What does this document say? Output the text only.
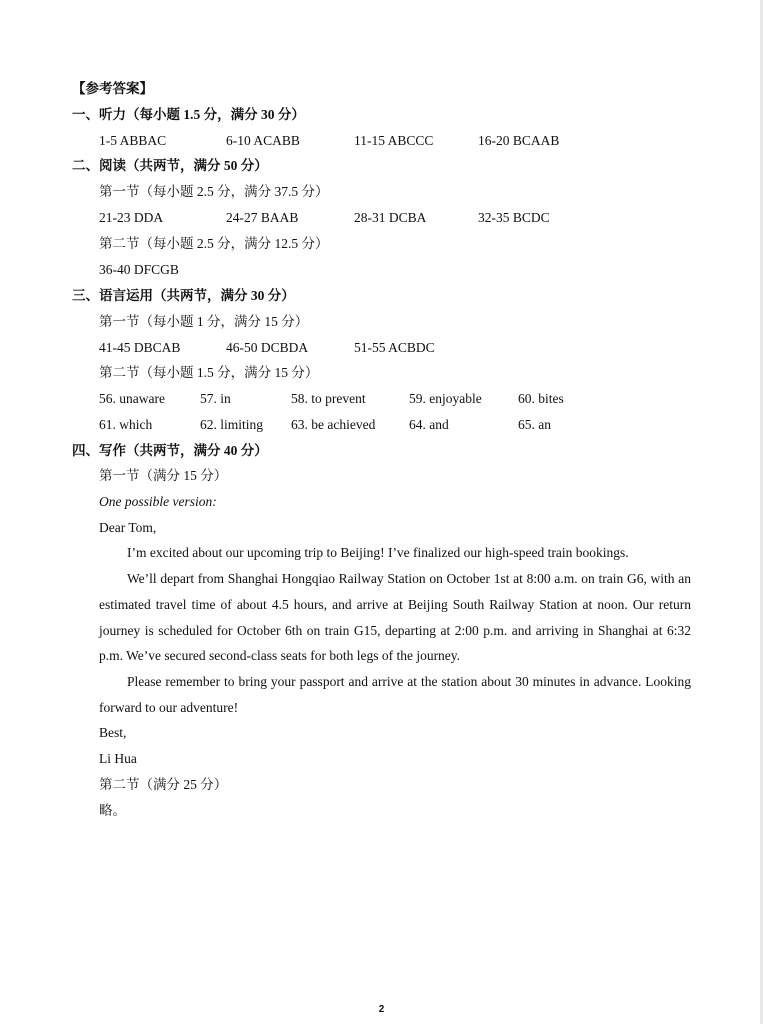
【参考答案】
一、听力（每小题 1.5 分，满分 30 分）
1-5 ABBAC	6-10 ACABB	11-15 ABCCC	16-20 BCAAB
二、阅读（共两节，满分 50 分）
第一节（每小题 2.5 分，满分 37.5 分）
21-23 DDA	24-27 BAAB	28-31 DCBA	32-35 BCDC
第二节（每小题 2.5 分，满分 12.5 分）
36-40 DFCGB
三、语言运用（共两节，满分 30 分）
第一节（每小题 1 分，满分 15 分）
41-45 DBCAB	46-50 DCBDA	51-55 ACBDC
第二节（每小题 1.5 分，满分 15 分）
56. unaware	57. in	58. to prevent	59. enjoyable	60. bites
61. which	62. limiting 63. be achieved 64. and	65. an
四、写作（共两节，满分 40 分）
第一节（满分 15 分）
One possible version:
Dear Tom,
I’m excited about our upcoming trip to Beijing! I’ve finalized our high-speed train bookings.
We’ll depart from Shanghai Hongqiao Railway Station on October 1st at 8:00 a.m. on train G6, with an estimated travel time of about 4.5 hours, and arrive at Beijing South Railway Station at noon. Our return journey is scheduled for October 6th on train G15, departing at 2:00 p.m. and arriving in Shanghai at 6:32 p.m. We’ve secured second-class seats for both legs of the journey.
Please remember to bring your passport and arrive at the station about 30 minutes in advance. Looking forward to our adventure!
Best,
Li Hua
第二节（满分 25 分）
略。
2
